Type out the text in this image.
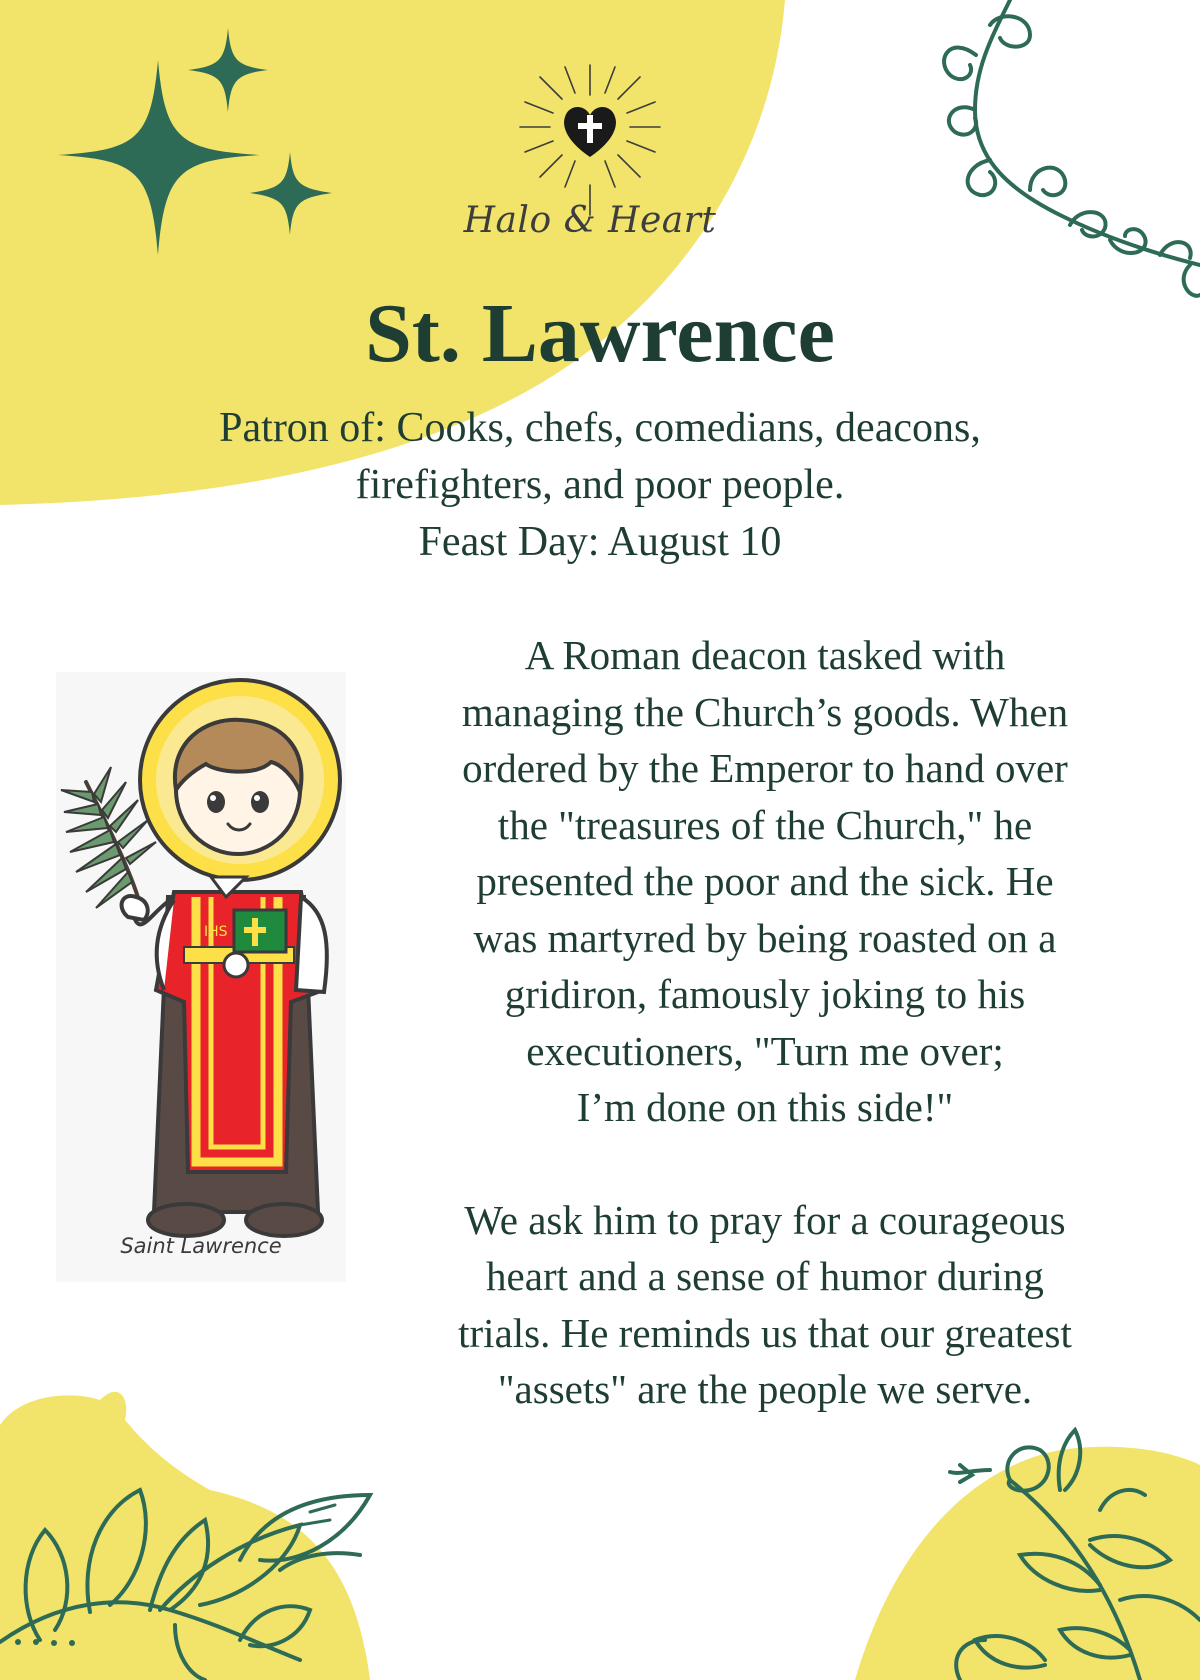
Halo & Heart
St. Lawrence
Patron of: Cooks, chefs, comedians, deacons,
firefighters, and poor people.
Feast Day: August 10
IHS
Saint Lawrence
A Roman deacon tasked with
managing the Church’s goods. When
ordered by the Emperor to hand over
the "treasures of the Church," he
presented the poor and the sick. He
was martyred by being roasted on a
gridiron, famously joking to his
executioners, "Turn me over;
I’m done on this side!"
We ask him to pray for a courageous
heart and a sense of humor during
trials. He reminds us that our greatest
"assets" are the people we serve.
